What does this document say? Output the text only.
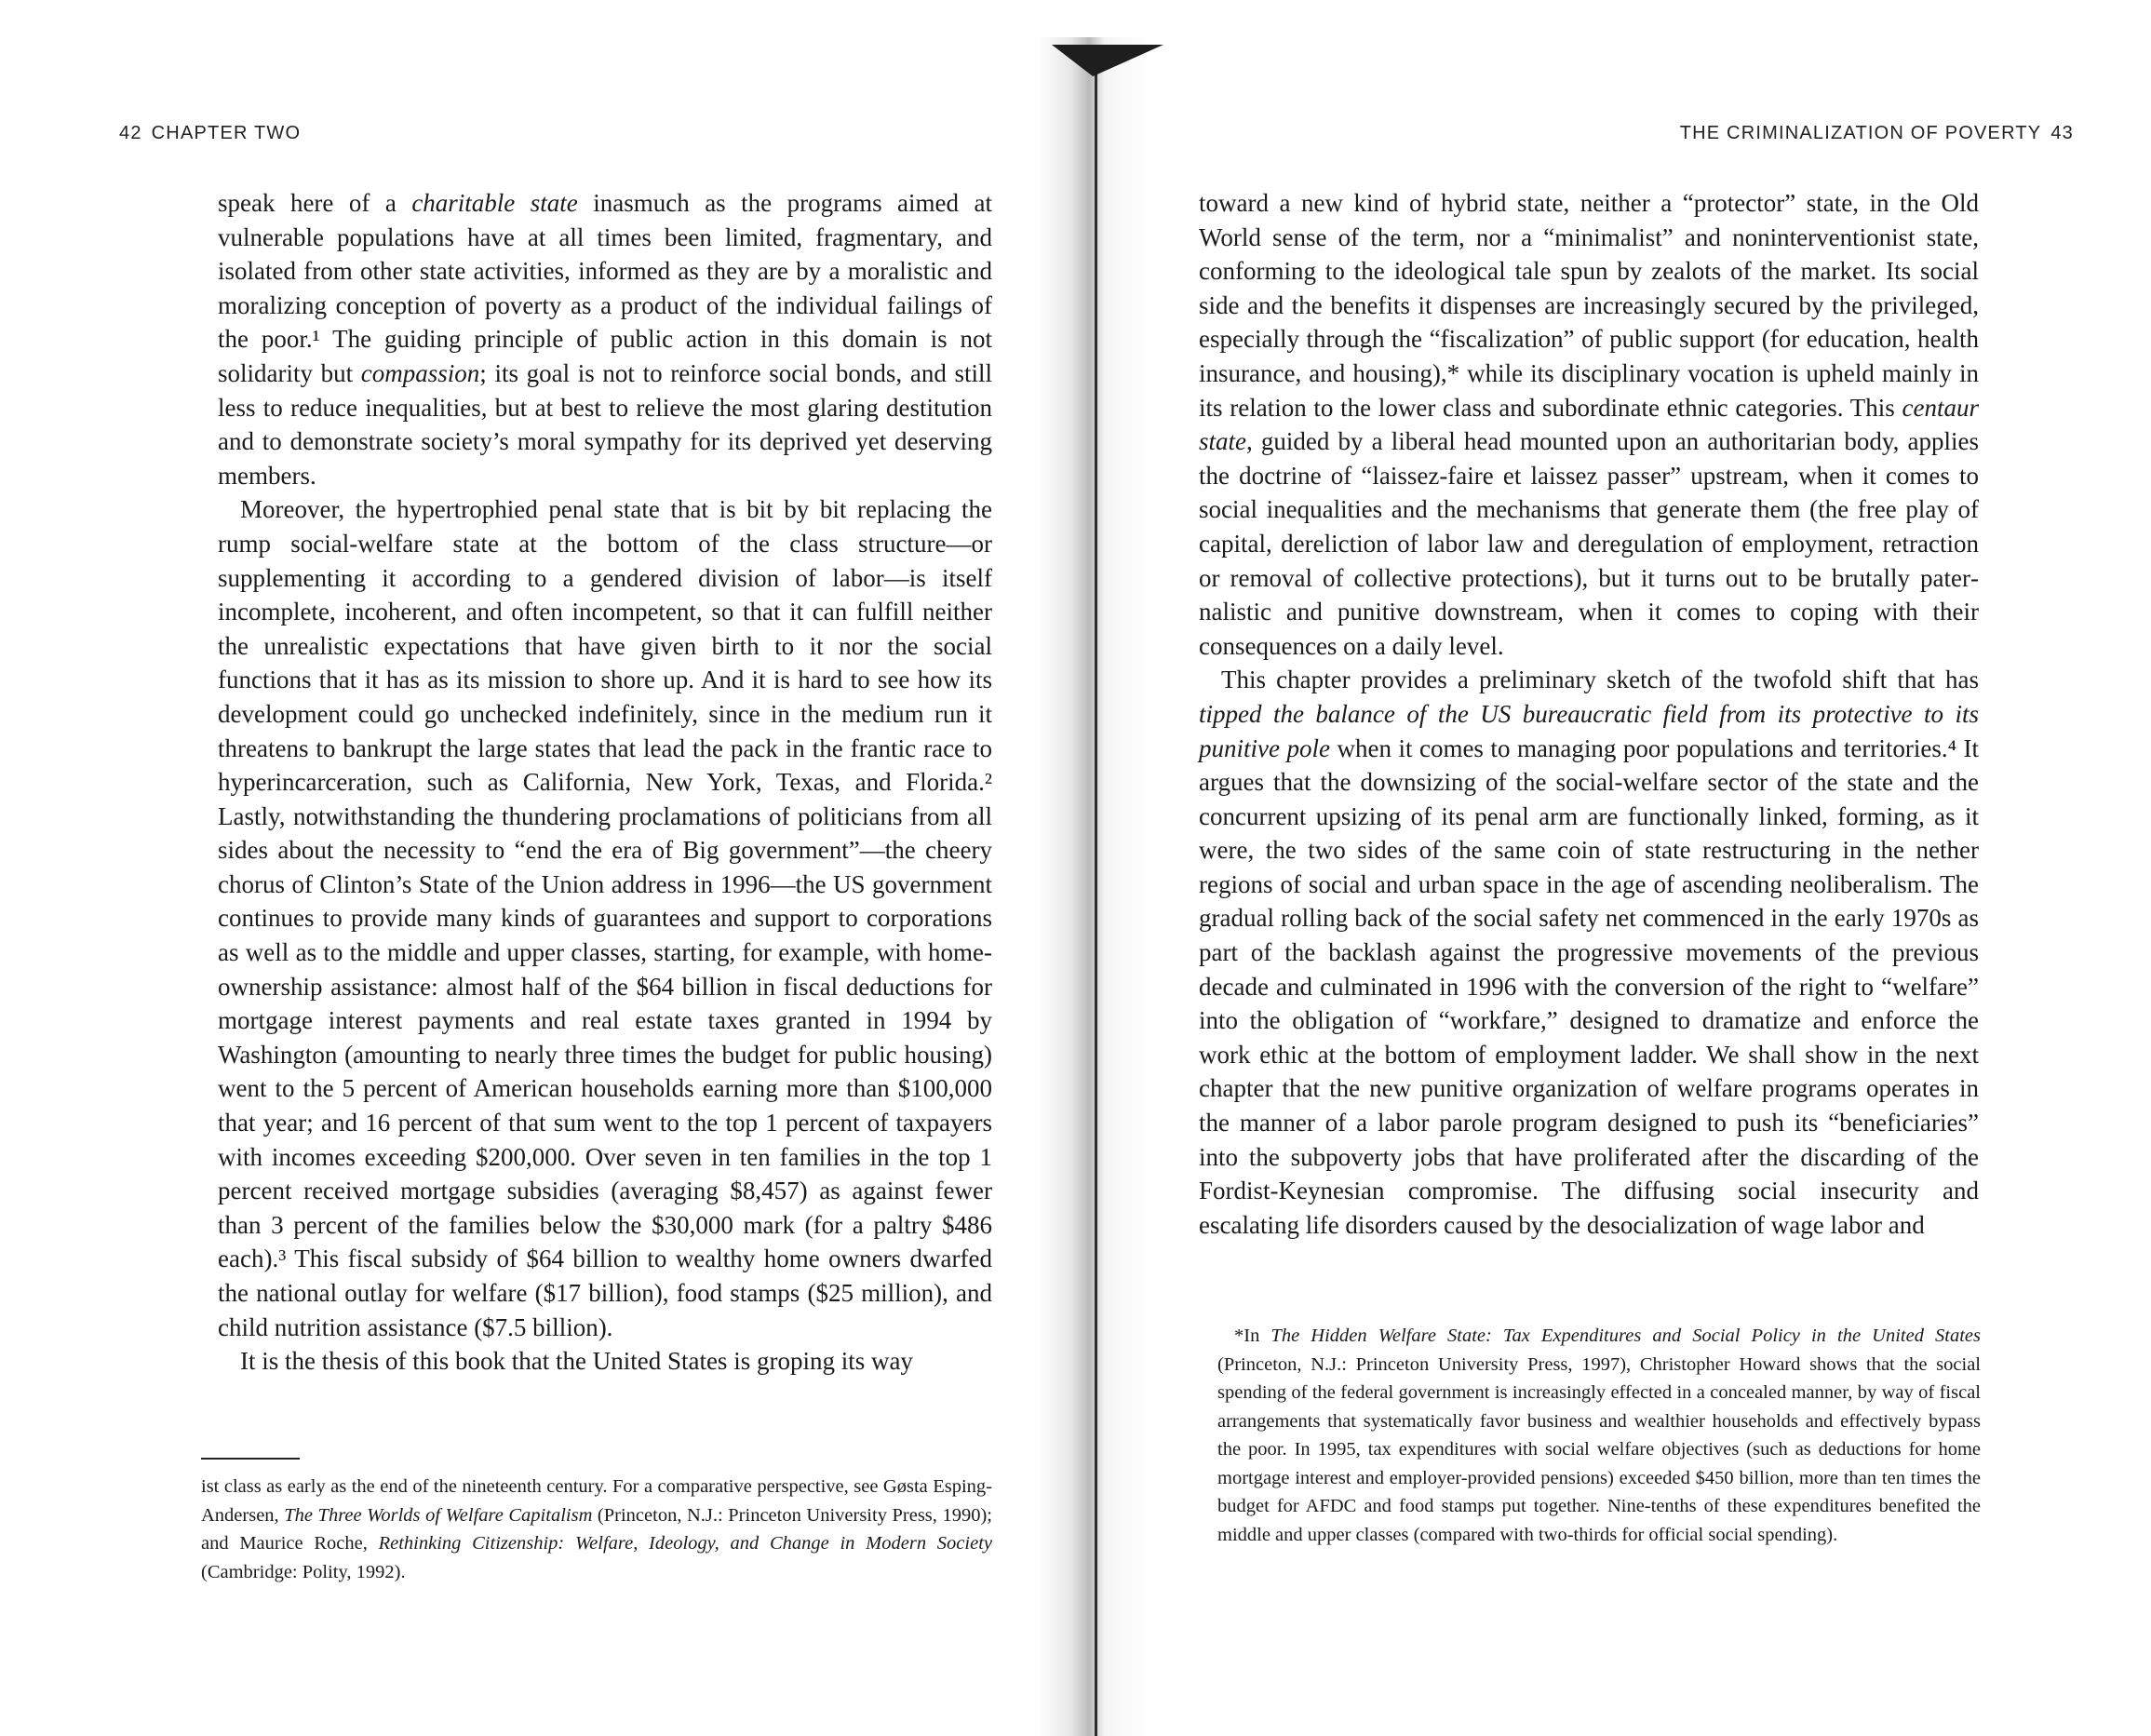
42 CHAPTER TWO

speak here of a charitable state inasmuch as the programs aimed at vulnerable populations have at all times been limited, fragmentary, and isolated from other state activities, informed as they are by a moralistic and moralizing conception of poverty as a product of the individual failings of the poor.¹ The guiding principle of public action in this domain is not solidarity but compassion; its goal is not to reinforce social bonds, and still less to reduce inequalities, but at best to relieve the most glaring destitution and to demonstrate society’s moral sympathy for its deprived yet deserving members.

Moreover, the hypertrophied penal state that is bit by bit replacing the rump social-welfare state at the bottom of the class structure—or supplementing it according to a gendered division of labor—is itself incomplete, incoherent, and often incompetent, so that it can fulfill neither the unrealistic expectations that have given birth to it nor the social functions that it has as its mission to shore up. And it is hard to see how its development could go unchecked indefinitely, since in the medium run it threatens to bankrupt the large states that lead the pack in the frantic race to hyperincarceration, such as California, New York, Texas, and Florida.² Lastly, notwithstanding the thundering proclamations of politicians from all sides about the necessity to “end the era of Big government”—the cheery chorus of Clinton’s State of the Union address in 1996—the US government continues to provide many kinds of guarantees and support to corporations as well as to the middle and upper classes, starting, for example, with homeownership assistance: almost half of the $64 billion in fiscal deductions for mortgage interest payments and real estate taxes granted in 1994 by Washington (amounting to nearly three times the budget for public housing) went to the 5 percent of American households earning more than $100,000 that year; and 16 percent of that sum went to the top 1 percent of taxpayers with incomes exceeding $200,000. Over seven in ten families in the top 1 percent received mortgage subsidies (averaging $8,457) as against fewer than 3 percent of the families below the $30,000 mark (for a paltry $486 each).³ This fiscal subsidy of $64 billion to wealthy home owners dwarfed the national outlay for welfare ($17 billion), food stamps ($25 million), and child nutrition assistance ($7.5 billion).

It is the thesis of this book that the United States is groping its way

ist class as early as the end of the nineteenth century. For a comparative perspective, see Gøsta Esping-Andersen, The Three Worlds of Welfare Capitalism (Princeton, N.J.: Princeton University Press, 1990); and Maurice Roche, Rethinking Citizenship: Welfare, Ideology, and Change in Modern Society (Cambridge: Polity, 1992).

THE CRIMINALIZATION OF POVERTY 43

toward a new kind of hybrid state, neither a “protector” state, in the Old World sense of the term, nor a “minimalist” and noninterventionist state, conforming to the ideological tale spun by zealots of the market. Its social side and the benefits it dispenses are increasingly secured by the privileged, especially through the “fiscalization” of public support (for education, health insurance, and housing),* while its disciplinary vocation is upheld mainly in its relation to the lower class and subordinate ethnic categories. This centaur state, guided by a liberal head mounted upon an authoritarian body, applies the doctrine of “laissez-faire et laissez passer” upstream, when it comes to social inequalities and the mechanisms that generate them (the free play of capital, dereliction of labor law and deregulation of employment, retraction or removal of collective protections), but it turns out to be brutally paternalistic and punitive downstream, when it comes to coping with their consequences on a daily level.

This chapter provides a preliminary sketch of the twofold shift that has tipped the balance of the US bureaucratic field from its protective to its punitive pole when it comes to managing poor populations and territories.⁴ It argues that the downsizing of the social-welfare sector of the state and the concurrent upsizing of its penal arm are functionally linked, forming, as it were, the two sides of the same coin of state restructuring in the nether regions of social and urban space in the age of ascending neoliberalism. The gradual rolling back of the social safety net commenced in the early 1970s as part of the backlash against the progressive movements of the previous decade and culminated in 1996 with the conversion of the right to “welfare” into the obligation of “workfare,” designed to dramatize and enforce the work ethic at the bottom of employment ladder. We shall show in the next chapter that the new punitive organization of welfare programs operates in the manner of a labor parole program designed to push its “beneficiaries” into the subpoverty jobs that have proliferated after the discarding of the Fordist-Keynesian compromise. The diffusing social insecurity and escalating life disorders caused by the desocialization of wage labor and

*In The Hidden Welfare State: Tax Expenditures and Social Policy in the United States (Princeton, N.J.: Princeton University Press, 1997), Christopher Howard shows that the social spending of the federal government is increasingly effected in a concealed manner, by way of fiscal arrangements that systematically favor business and wealthier households and effectively bypass the poor. In 1995, tax expenditures with social welfare objectives (such as deductions for home mortgage interest and employer-provided pensions) exceeded $450 billion, more than ten times the budget for AFDC and food stamps put together. Nine-tenths of these expenditures benefited the middle and upper classes (compared with two-thirds for official social spending).
